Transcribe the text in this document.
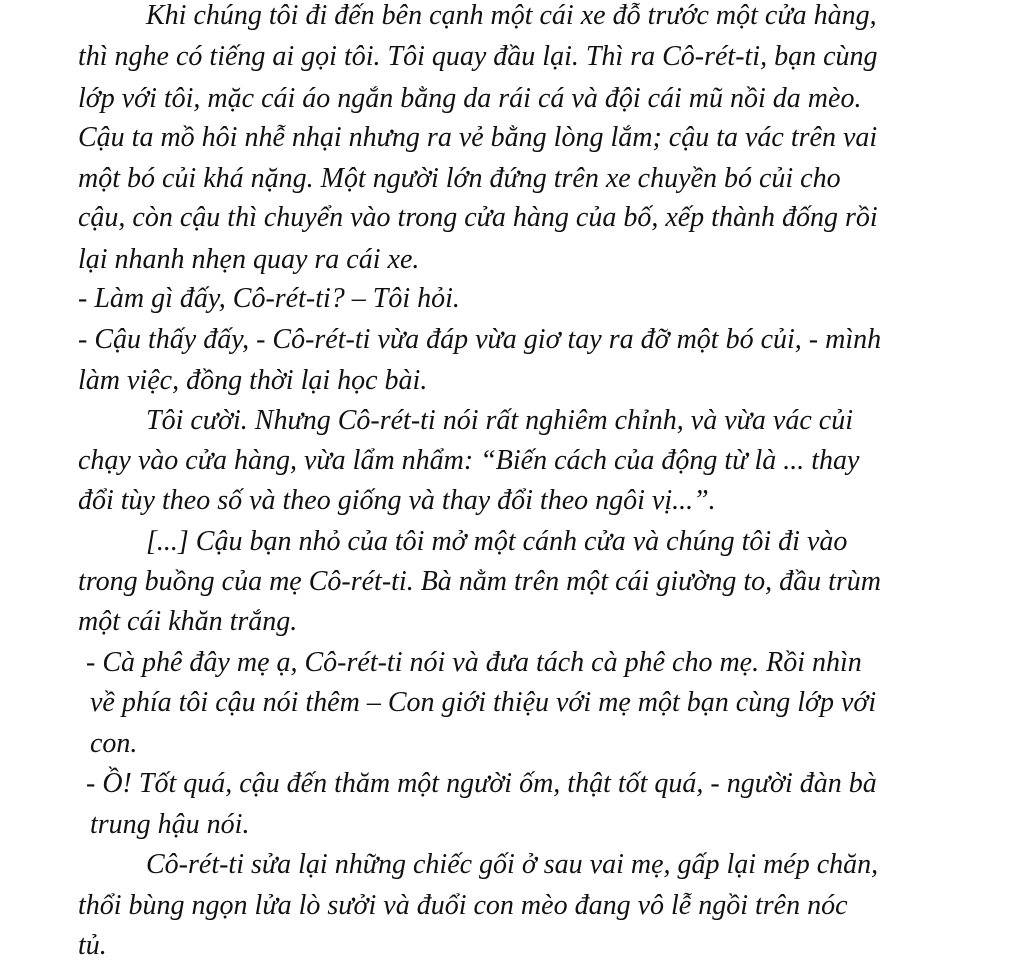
Khi chúng tôi đi đến bên cạnh một cái xe đỗ trước một cửa hàng,
thì nghe có tiếng ai gọi tôi. Tôi quay đầu lại. Thì ra Cô-rét-ti, bạn cùng
lớp với tôi, mặc cái áo ngắn bằng da rái cá và đội cái mũ nồi da mèo.
Cậu ta mồ hôi nhễ nhại nhưng ra vẻ bằng lòng lắm; cậu ta vác trên vai
một bó củi khá nặng. Một người lớn đứng trên xe chuyền bó củi cho
cậu, còn cậu thì chuyển vào trong cửa hàng của bố, xếp thành đống rồi
lại nhanh nhẹn quay ra cái xe.
- Làm gì đấy, Cô-rét-ti? – Tôi hỏi.
- Cậu thấy đấy, - Cô-rét-ti vừa đáp vừa giơ tay ra đỡ một bó củi, - mình
làm việc, đồng thời lại học bài.
Tôi cười. Nhưng Cô-rét-ti nói rất nghiêm chỉnh, và vừa vác củi
chạy vào cửa hàng, vừa lẩm nhẩm: “Biến cách của động từ là ... thay
đổi tùy theo số và theo giống và thay đổi theo ngôi vị...”.
[...] Cậu bạn nhỏ của tôi mở một cánh cửa và chúng tôi đi vào
trong buồng của mẹ Cô-rét-ti. Bà nằm trên một cái giường to, đầu trùm
một cái khăn trắng.
- Cà phê đây mẹ ạ, Cô-rét-ti nói và đưa tách cà phê cho mẹ. Rồi nhìn
về phía tôi cậu nói thêm – Con giới thiệu với mẹ một bạn cùng lớp với
con.
- Ồ! Tốt quá, cậu đến thăm một người ốm, thật tốt quá, - người đàn bà
trung hậu nói.
Cô-rét-ti sửa lại những chiếc gối ở sau vai mẹ, gấp lại mép chăn,
thổi bùng ngọn lửa lò sưởi và đuổi con mèo đang vô lễ ngồi trên nóc
tủ.
